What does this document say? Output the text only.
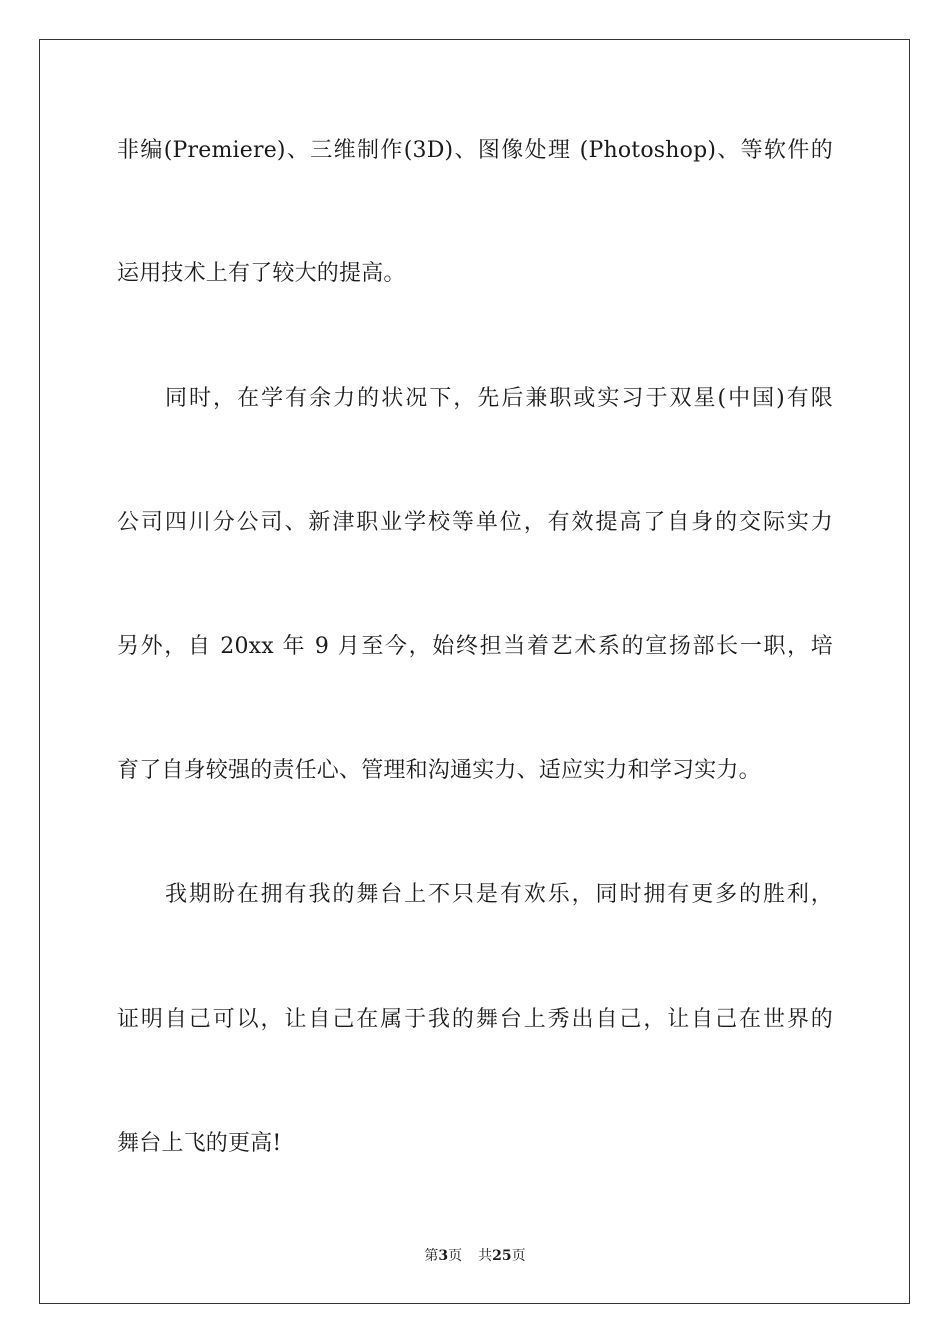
非编(Premiere)、三维制作(3D)、图像处理 (Photoshop)、等软件的
运用技术上有了较大的提高。
同时，在学有余力的状况下，先后兼职或实习于双星(中国)有限
公司四川分公司、新津职业学校等单位，有效提高了自身的交际实力
另外，自 20xx 年 9 月至今，始终担当着艺术系的宣扬部长一职，培
育了自身较强的责任心、管理和沟通实力、适应实力和学习实力。
我期盼在拥有我的舞台上不只是有欢乐，同时拥有更多的胜利，
证明自己可以，让自己在属于我的舞台上秀出自己，让自己在世界的
舞台上飞的更高!
第3页 共25页
